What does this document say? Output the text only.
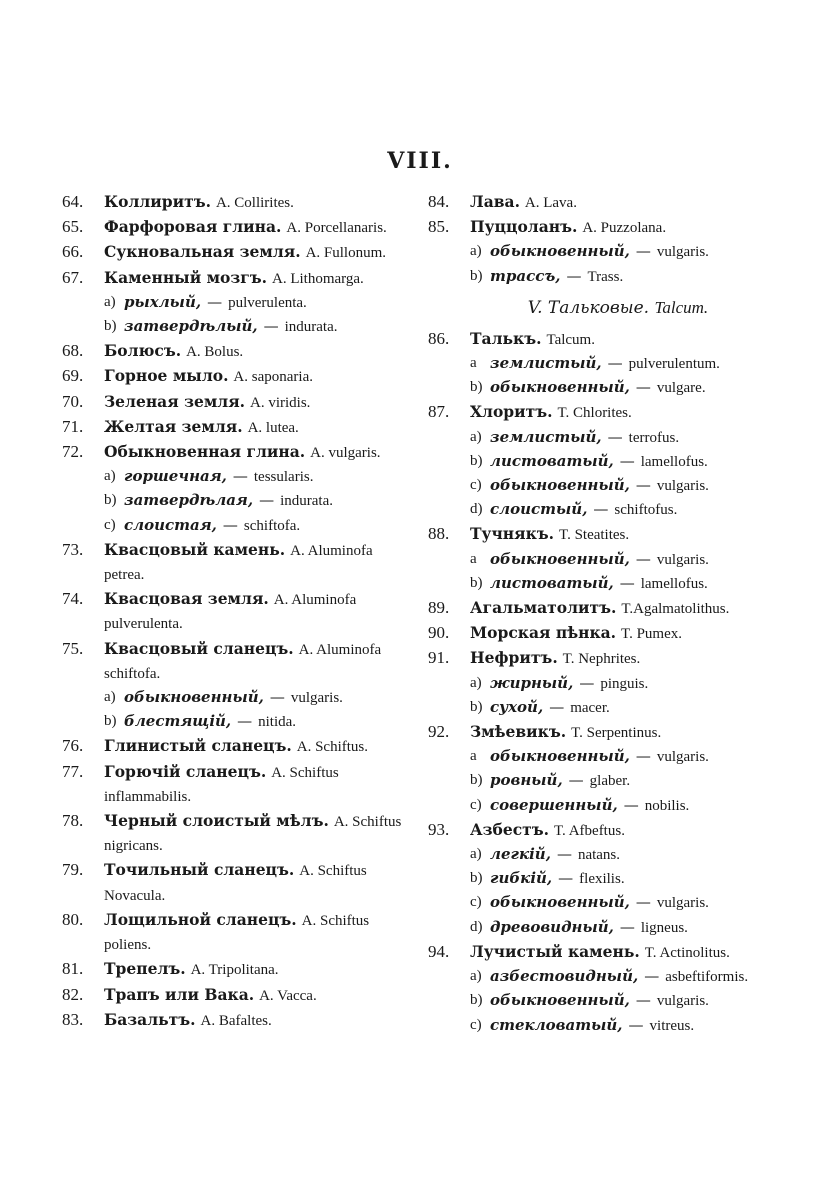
VIII.
64.	Коллиритъ. A. Collirites.
65.	Фарфоровая глина. A. Porcellanaris.
66.	Сукновальная земля. A. Fullonum.
67.	Каменный мозгъ. A. Lithomarga.
a) рыхлый, — pulverulenta.
b) затвердѣлый, — indurata.
68.	Болюсъ. A. Bolus.
69.	Горное мыло. A. saponaria.
70.	Зеленая земля. A. viridis.
71.	Желтая земля. A. lutea.
72.	Обыкновенная глина. A. vulgaris.
a) горшечная, — tessularis.
b) затвердѣлая, — indurata.
c) слоистая, — schiftofa.
73.	Квасцовый камень. A. Aluminofa petrea.
74.	Квасцовая земля. A. Aluminofa pulverulenta.
75.	Квасцовый сланецъ. A. Aluminofa schiftofa.
a) обыкновенный, — vulgaris.
b) блестящій, — nitida.
76.	Глинистый сланецъ. A. Schiftus.
77.	Горючій сланецъ. A. Schiftus inflammabilis.
78.	Черный слоистый мѣлъ. A. Schiftus nigricans.
79.	Точильный сланецъ. A. Schiftus Novacula.
80.	Лощильной сланецъ. A. Schiftus poliens.
81.	Трепелъ. A. Tripolitana.
82.	Трапъ или Вака. A. Vacca.
83.	Базальтъ. A. Bafaltes.
84.	Лава. A. Lava.
85.	Пуццоланъ. A. Puzzolana.
a) обыкновенный, — vulgaris.
b) трассъ, — Trass.
V. Тальковые. Talcum.
86.	Талькъ. Talcum.
a землистый, — pulverulentum.
b) обыкновенный, — vulgare.
87.	Хлоритъ. T. Chlorites.
a) землистый, — terrofus.
b) листоватый, — lamellofus.
c) обыкновенный, — vulgaris.
d) слоистый, — schiftofus.
88.	Тучнякъ. T. Steatites.
a обыкновенный, — vulgaris.
b) листоватый, — lamellofus.
89.	Агальматолитъ. T.Agalmatolithus.
90.	Морская пѣнка. T. Pumex.
91.	Нефритъ. T. Nephrites.
a) жирный, — pinguis.
b) сухой, — macer.
92.	Змѣевикъ. T. Serpentinus.
a обыкновенный, — vulgaris.
b) ровный, — glaber.
c) совершенный, — nobilis.
93.	Азбестъ. T. Afbeftus.
a) легкій, — natans.
b) гибкій, — flexilis.
c) обыкновенный, — vulgaris.
d) древовидный, — ligneus.
94.	Лучистый камень. T. Actinolitus.
a) азбестовидный, — asbeftiformis.
b) обыкновенный, — vulgaris.
c) стекловатый, — vitreus.
